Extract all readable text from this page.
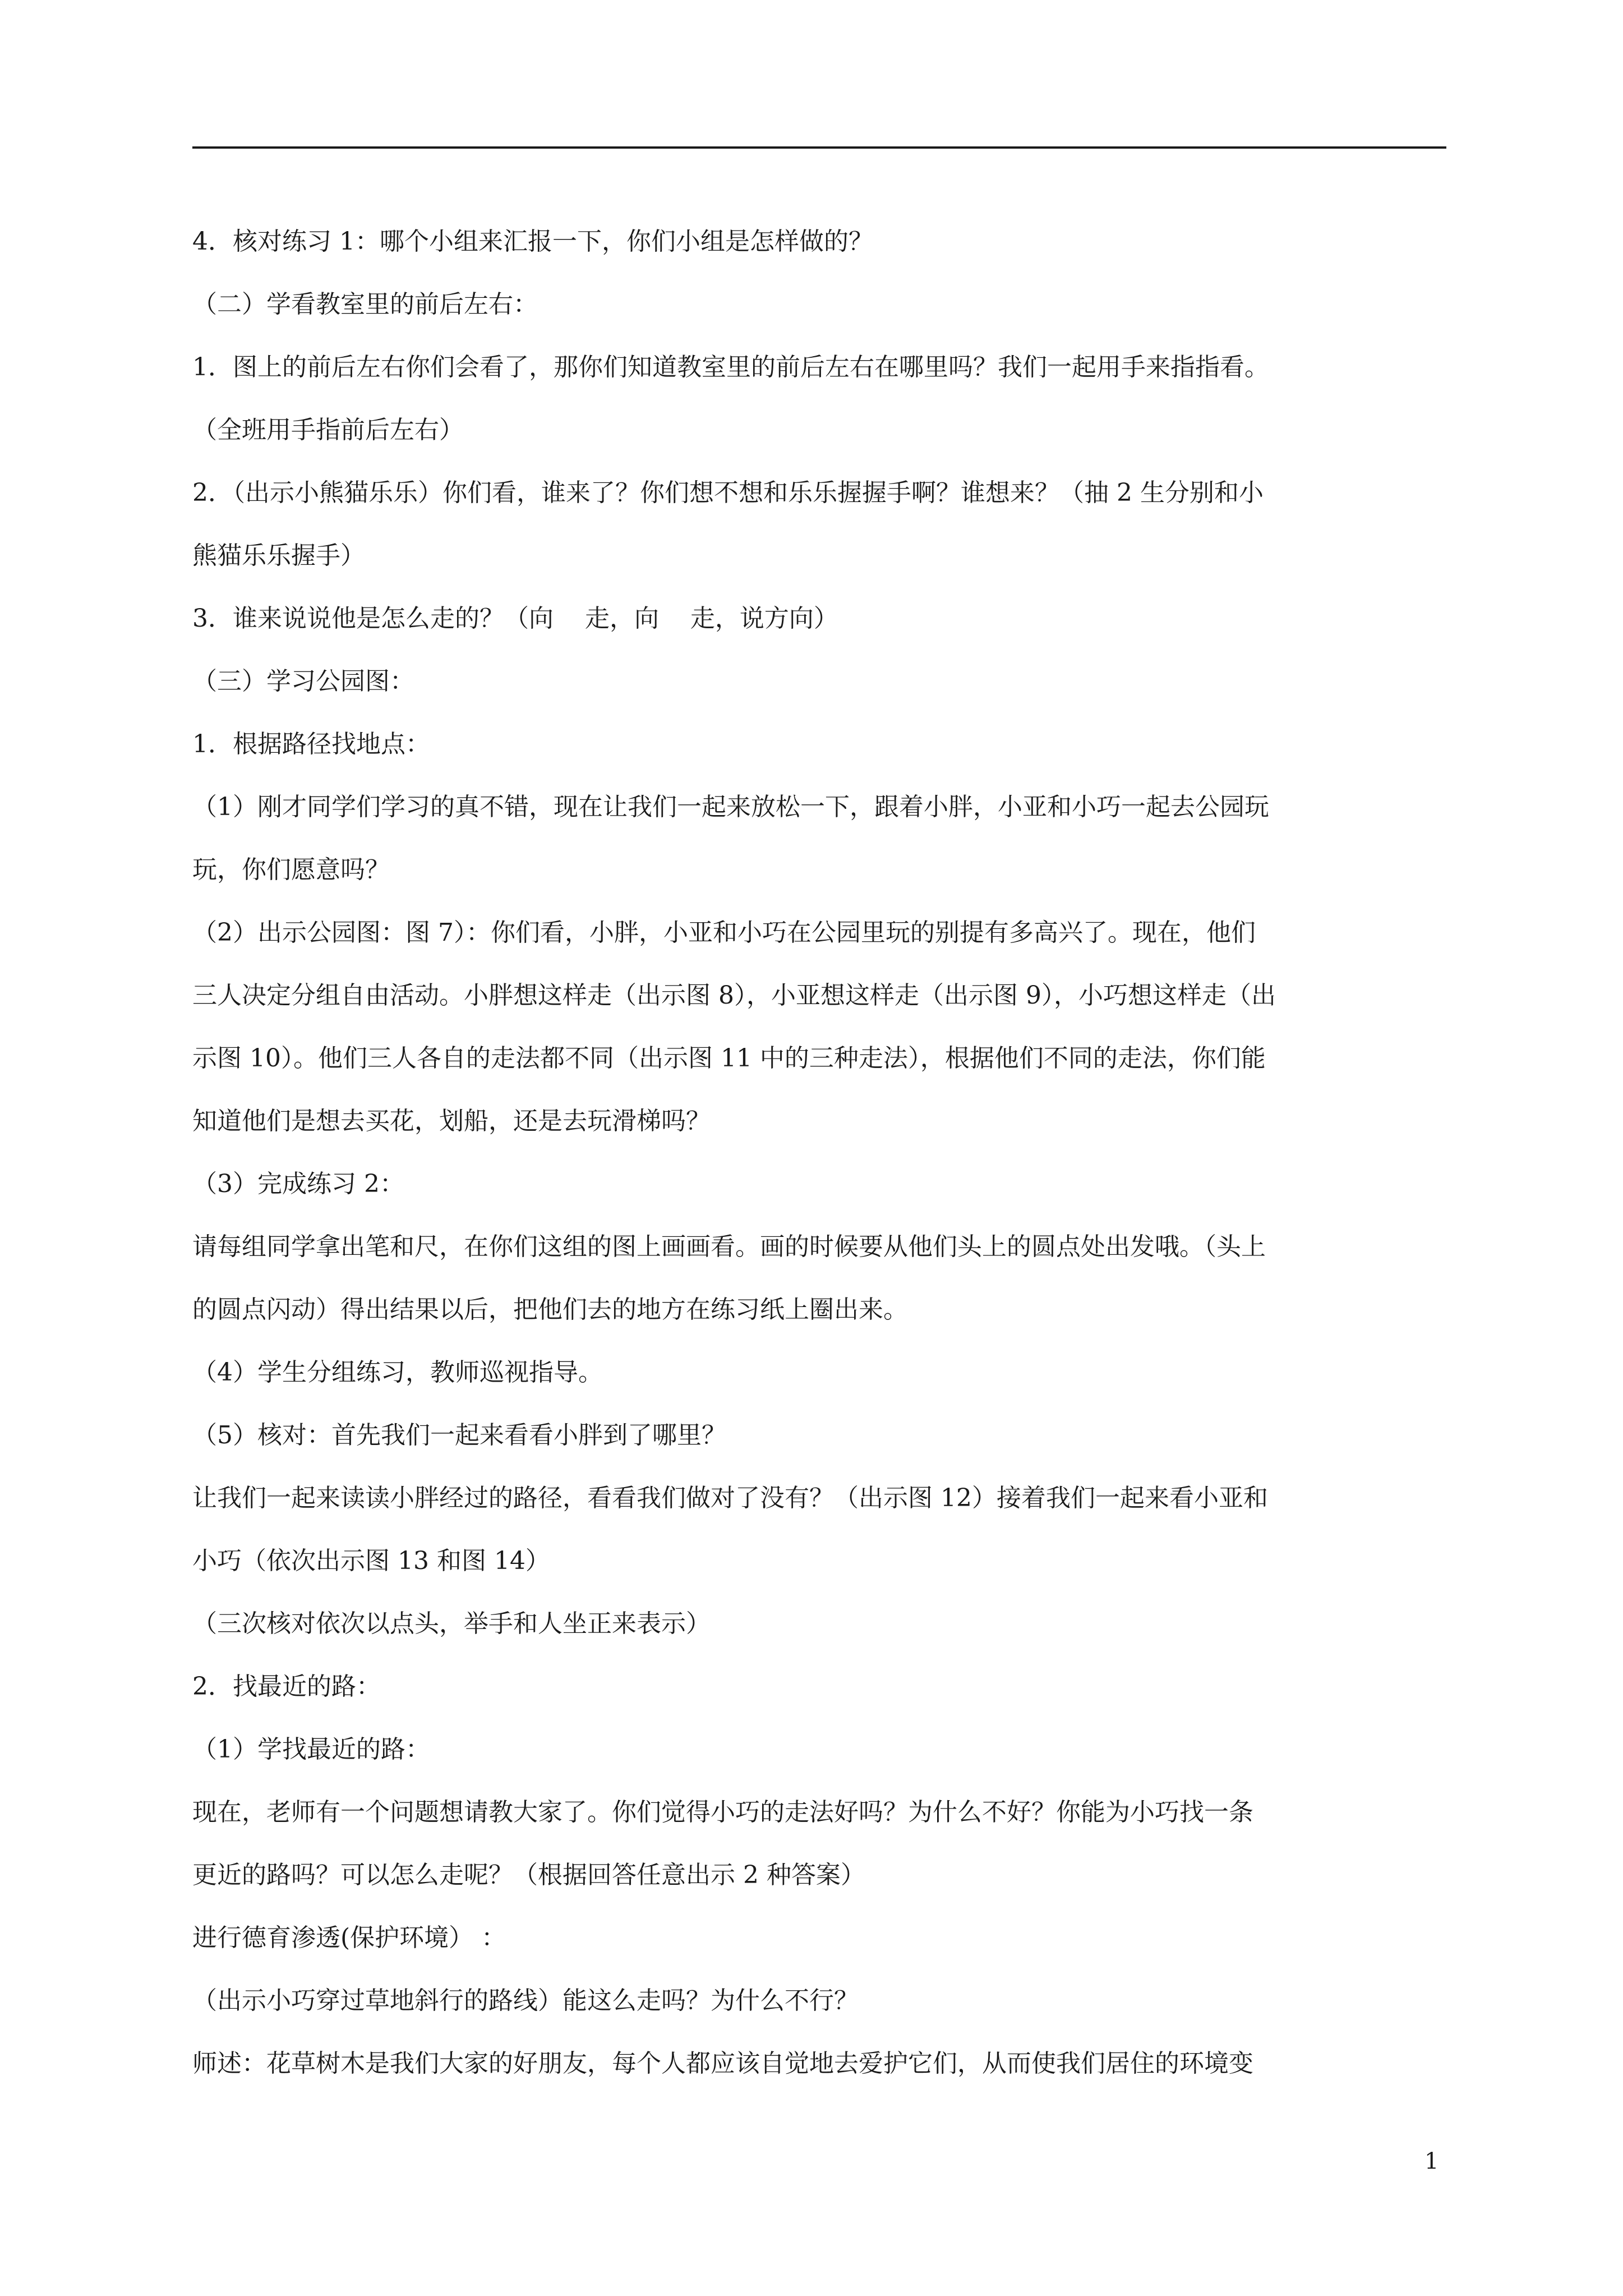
4．核对练习 1：哪个小组来汇报一下，你们小组是怎样做的？
（二）学看教室里的前后左右：
1．图上的前后左右你们会看了，那你们知道教室里的前后左右在哪里吗？我们一起用手来指指看。
（全班用手指前后左右）
2．（出示小熊猫乐乐）你们看，谁来了？你们想不想和乐乐握握手啊？谁想来？（抽 2 生分别和小
熊猫乐乐握手）
3．谁来说说他是怎么走的？（向    走，向    走，说方向）
（三）学习公园图：
1．根据路径找地点：
（1）刚才同学们学习的真不错，现在让我们一起来放松一下，跟着小胖，小亚和小巧一起去公园玩
玩，你们愿意吗？
（2）出示公园图：图 7）：你们看，小胖，小亚和小巧在公园里玩的别提有多高兴了。现在，他们
三人决定分组自由活动。小胖想这样走（出示图 8），小亚想这样走（出示图 9），小巧想这样走（出
示图 10）。他们三人各自的走法都不同（出示图 11 中的三种走法），根据他们不同的走法，你们能
知道他们是想去买花，划船，还是去玩滑梯吗？
（3）完成练习 2：
请每组同学拿出笔和尺，在你们这组的图上画画看。画的时候要从他们头上的圆点处出发哦。（头上
的圆点闪动）得出结果以后，把他们去的地方在练习纸上圈出来。
（4）学生分组练习，教师巡视指导。
（5）核对：首先我们一起来看看小胖到了哪里？
让我们一起来读读小胖经过的路径，看看我们做对了没有？（出示图 12）接着我们一起来看小亚和
小巧（依次出示图 13 和图 14）
（三次核对依次以点头，举手和人坐正来表示）
2．找最近的路：
（1）学找最近的路：
现在，老师有一个问题想请教大家了。你们觉得小巧的走法好吗？为什么不好？你能为小巧找一条
更近的路吗？可以怎么走呢？（根据回答任意出示 2 种答案）
进行德育渗透(保护环境） ：
（出示小巧穿过草地斜行的路线）能这么走吗？为什么不行？
师述：花草树木是我们大家的好朋友，每个人都应该自觉地去爱护它们，从而使我们居住的环境变
1
